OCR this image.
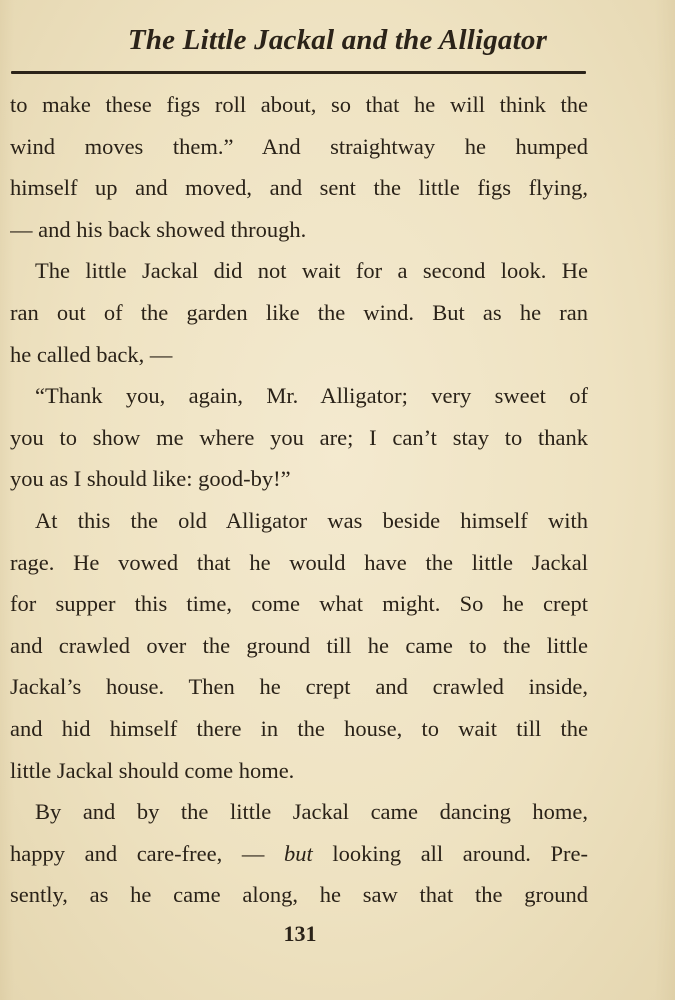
The Little Jackal and the Alligator
to make these figs roll about, so that he will think the
wind moves them.” And straightway he humped
himself up and moved, and sent the little figs flying,
— and his back showed through.
The little Jackal did not wait for a second look. He
ran out of the garden like the wind. But as he ran
he called back, —
“Thank you, again, Mr. Alligator; very sweet of
you to show me where you are; I can’t stay to thank
you as I should like: good-by!”
At this the old Alligator was beside himself with
rage. He vowed that he would have the little Jackal
for supper this time, come what might. So he crept
and crawled over the ground till he came to the little
Jackal’s house. Then he crept and crawled inside,
and hid himself there in the house, to wait till the
little Jackal should come home.
By and by the little Jackal came dancing home,
happy and care-free, — but looking all around. Pre-
sently, as he came along, he saw that the ground
131
